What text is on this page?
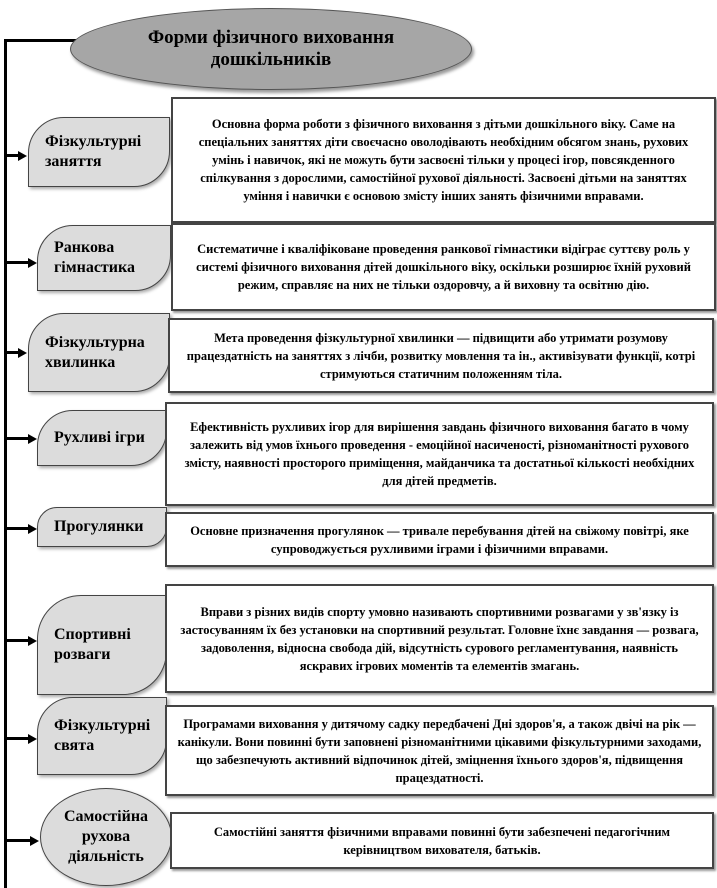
Форми фізичного виховання дошкільників
Фізкультурні заняття
Основна форма роботи з фізичного виховання з дітьми дошкільного віку. Саме на спеціальних заняттях діти своєчасно оволодівають необхідним обсягом знань, рухових умінь і навичок, які не можуть бути засвоєні тільки у процесі ігор, повсякденного спілкування з дорослими, самостійної рухової діяльності. Засвоєні дітьми на заняттях уміння і навички є основою змісту інших занять фізичними вправами.
Ранкова гімнастика
Систематичне і кваліфіковане проведення ранкової гімнастики відіграє суттєву роль у системі фізичного виховання дітей дошкільного віку, оскільки розширює їхній руховий режим, справляє на них не тільки оздоровчу, а й виховну та освітню дію.
Фізкультурна хвилинка
Мета проведення фізкультурної хвилинки — підвищити або утримати розумову працездатність на заняттях з лічби, розвитку мовлення та ін., активізувати функції, котрі стримуються статичним положенням тіла.
Рухливі ігри
Ефективність рухливих ігор для вирішення завдань фізичного виховання багато в чому залежить від умов їхнього проведення - емоційної насиченості, різноманітності рухового змісту, наявності просторого приміщення, майданчика та достатньої кількості необхідних для дітей предметів.
Прогулянки	Основне призначення прогулянок — тривале перебування дітей на свіжому повітрі, яке супроводжується рухливими іграми і фізичними вправами.
Спортивні розваги
Вправи з різних видів спорту умовно називають спортивними розвагами у зв'язку із застосуванням їх без установки на спортивний результат. Головне їхнє завдання — розвага, задоволення, відносна свобода дій, відсутність сурового регламентування, наявність яскравих ігрових моментів та елементів змагань.
Фізкультурні свята
Програмами виховання у дитячому садку передбачені Дні здоров'я, а також двічі на рік — канікули. Вони повинні бути заповнені різноманітними цікавими фізкультурними заходами, що забезпечують активний відпочинок дітей, зміцнення їхнього здоров'я, підвищення працездатності.
Самостійна рухова діяльність
Самостійні заняття фізичними вправами повинні бути забезпечені педагогічним керівництвом вихователя, батьків.
